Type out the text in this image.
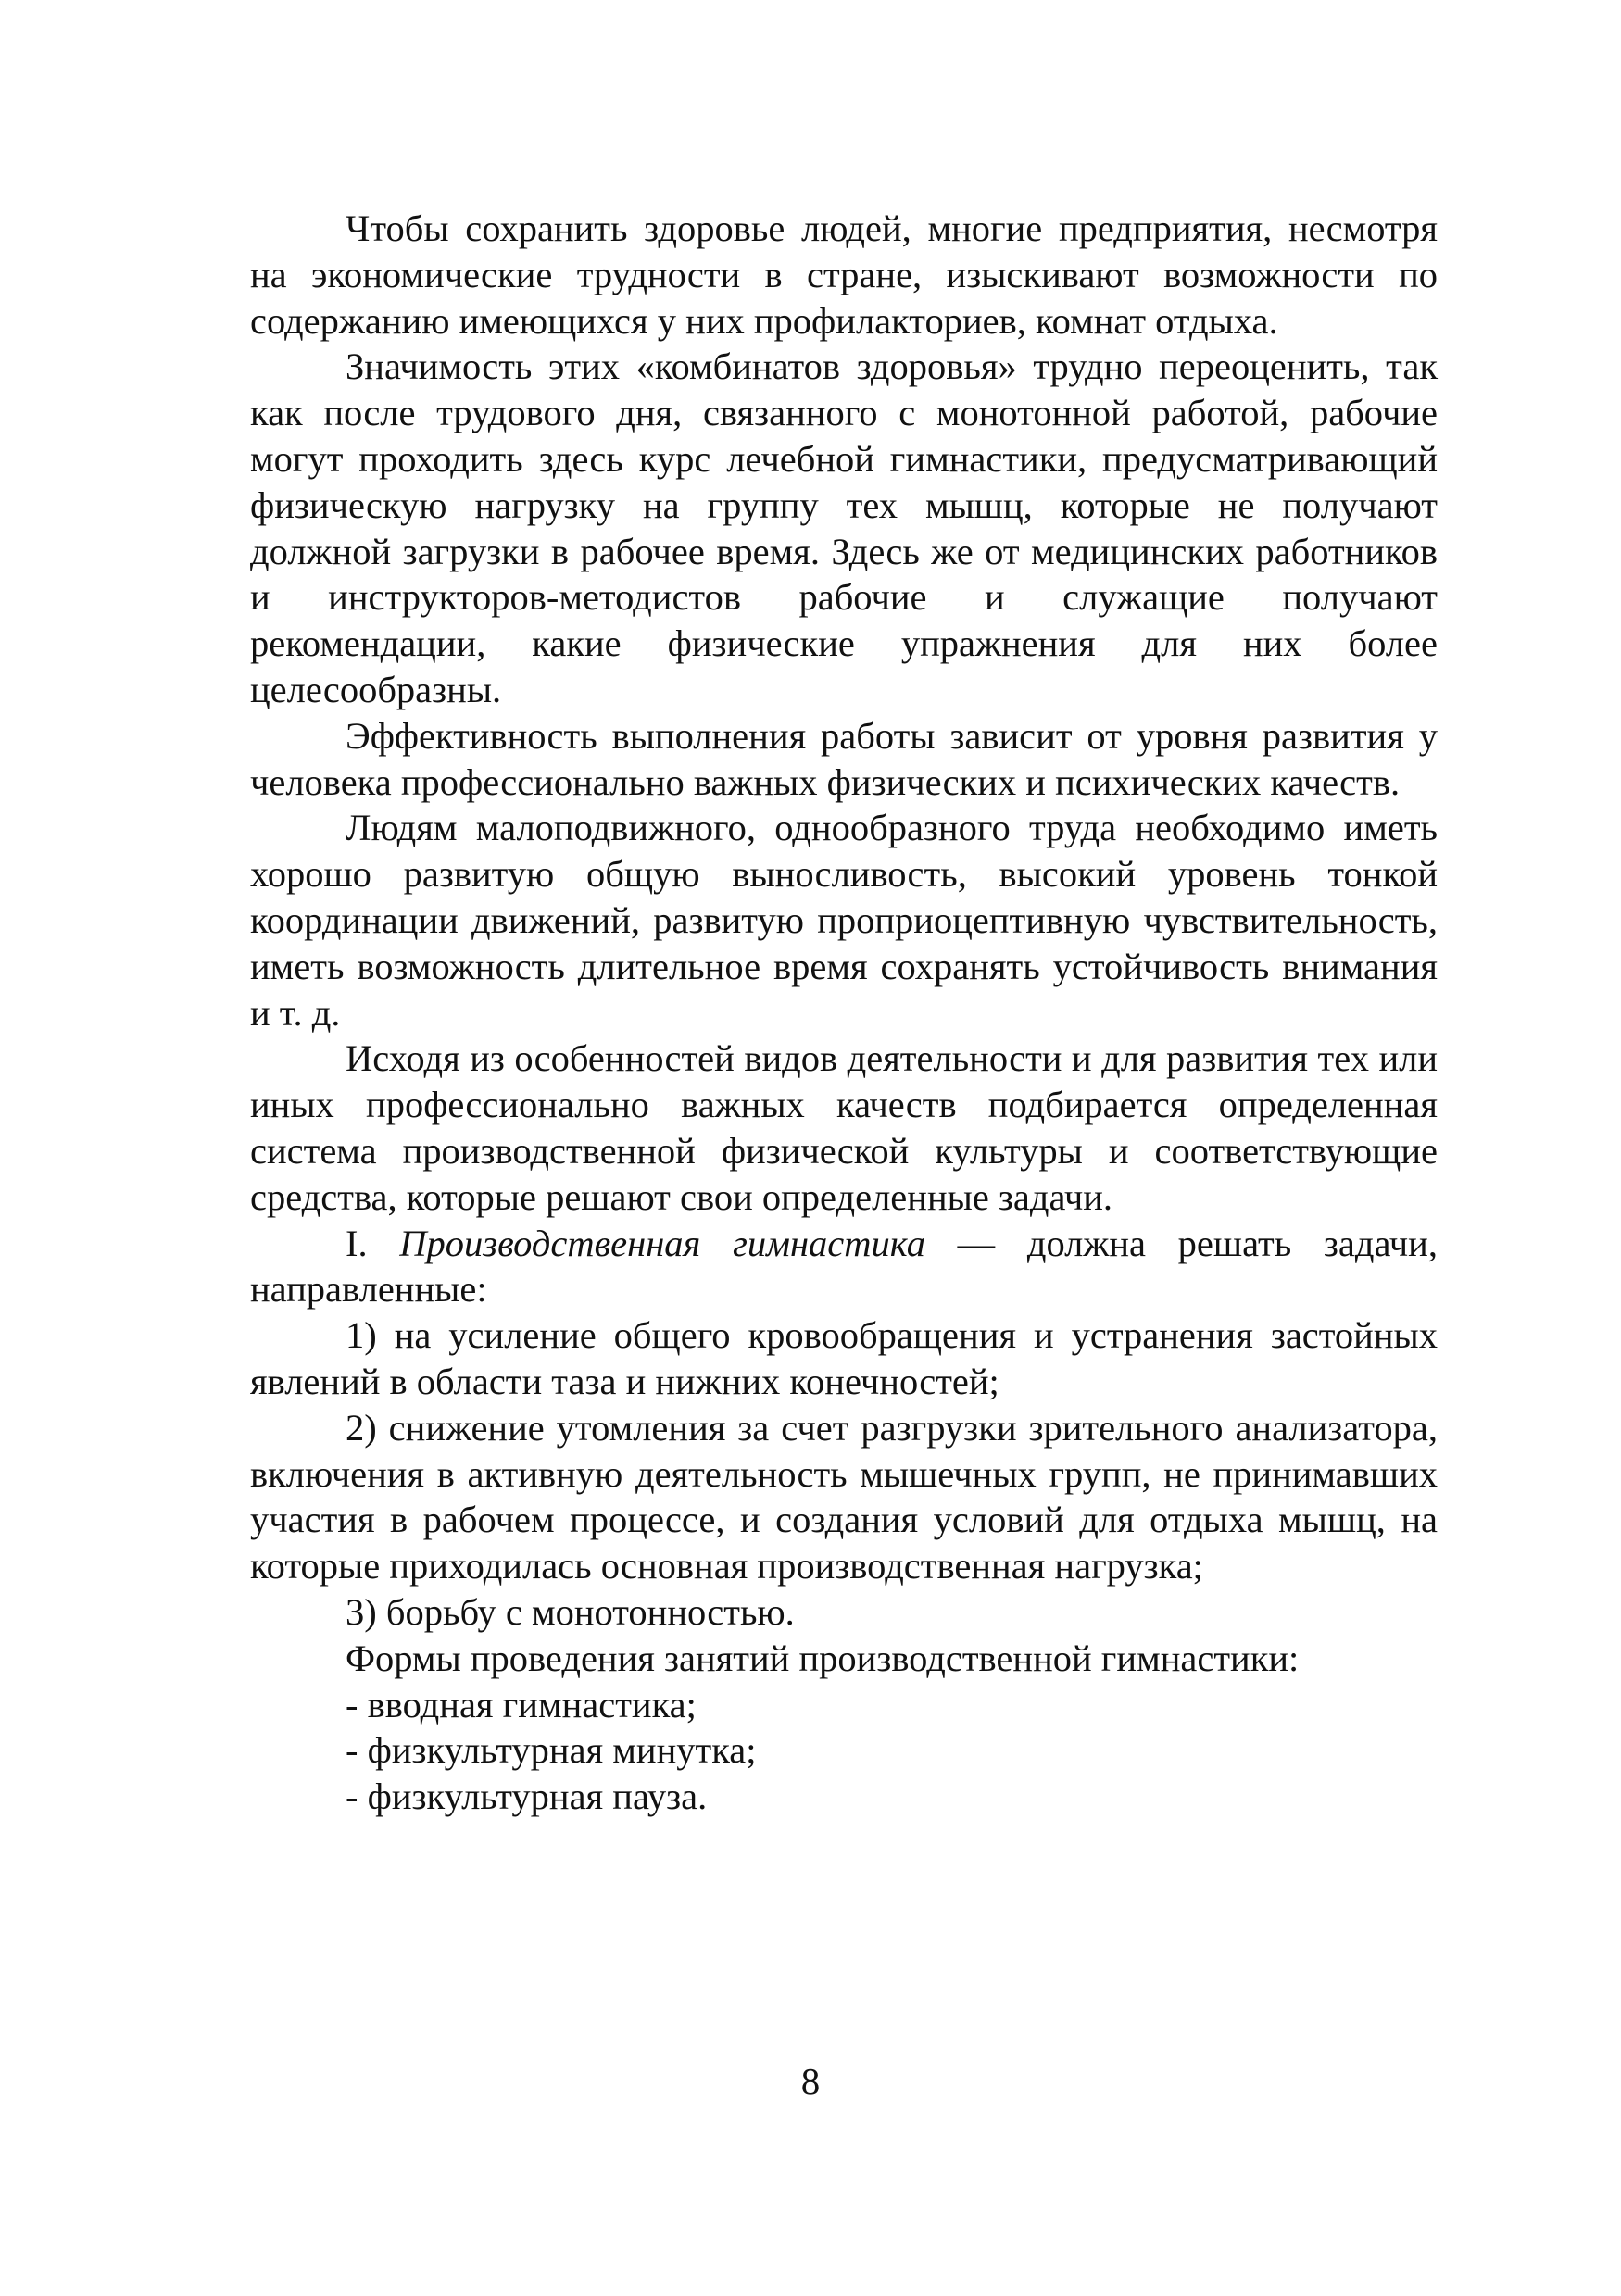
Чтобы сохранить здоровье людей, многие предприятия, несмотря на экономические трудности в стране, изыскивают возможности по содержанию имеющихся у них профилакториев, комнат отдыха.

Значимость этих «комбинатов здоровья» трудно переоценить, так как после трудового дня, связанного с монотонной работой, рабочие могут проходить здесь курс лечебной гимнастики, предусматривающий физическую нагрузку на группу тех мышц, которые не получают должной загрузки в рабочее время. Здесь же от медицинских работников и инструкторов-методистов рабочие и служащие получают рекомендации, какие физические упражнения для них более целесообразны.

Эффективность выполнения работы зависит от уровня развития у человека профессионально важных физических и психических качеств.

Людям малоподвижного, однообразного труда необходимо иметь хорошо развитую общую выносливость, высокий уровень тонкой координации движений, развитую проприоцептивную чувствительность, иметь возможность длительное время сохранять устойчивость внимания и т. д.

Исходя из особенностей видов деятельности и для развития тех или иных профессионально важных качеств подбирается определенная система производственной физической культуры и соответствующие средства, которые решают свои определенные задачи.

I. Производственная гимнастика — должна решать задачи, направленные:

1) на усиление общего кровообращения и устранения застойных явлений в области таза и нижних конечностей;

2) снижение утомления за счет разгрузки зрительного анализатора, включения в активную деятельность мышечных групп, не принимавших участия в рабочем процессе, и создания условий для отдыха мышц, на которые приходилась основная производственная нагрузка;

3) борьбу с монотонностью.

Формы проведения занятий производственной гимнастики:

- вводная гимнастика;

- физкультурная минутка;

- физкультурная пауза.

8
